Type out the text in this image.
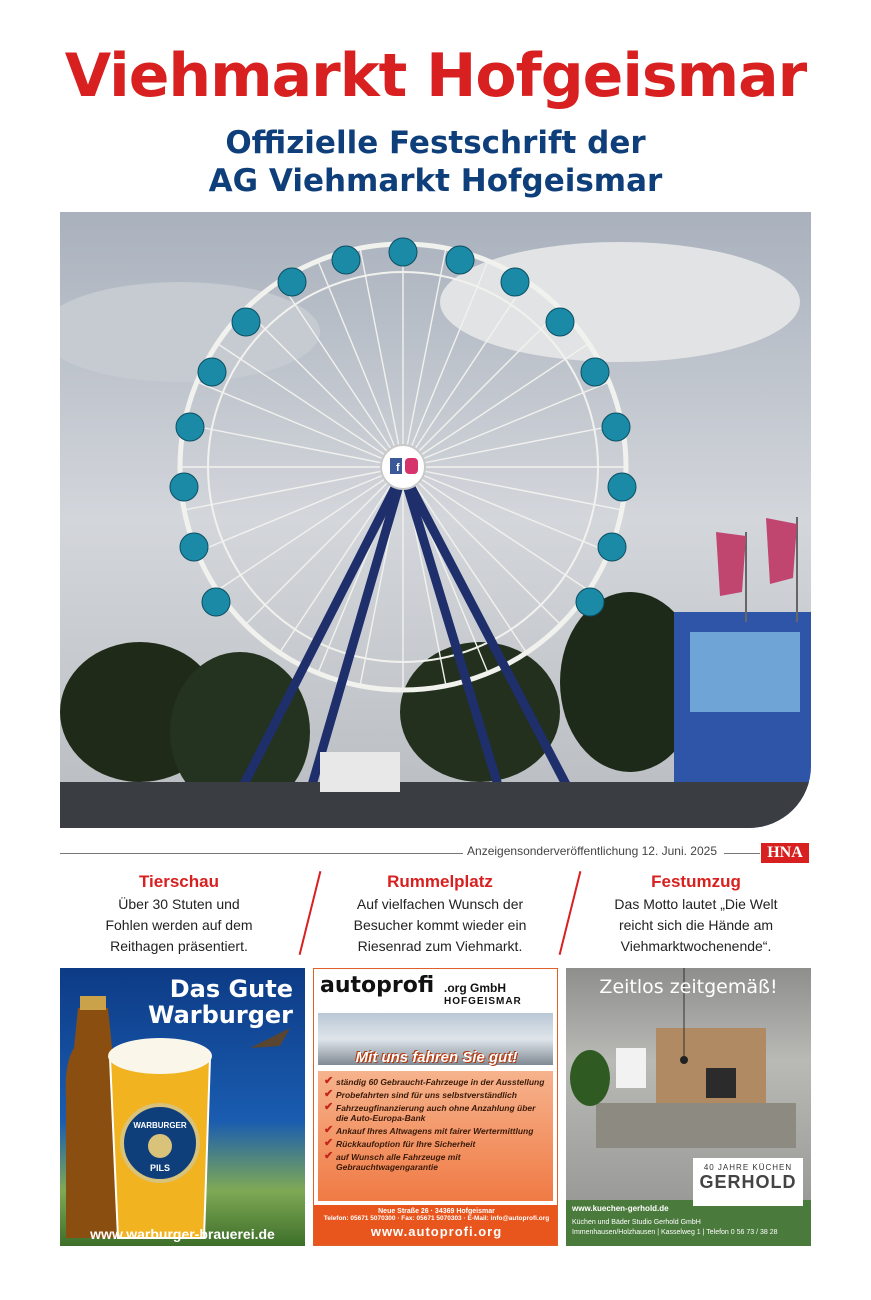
Viehmarkt Hofgeismar
Offizielle Festschrift der
AG Viehmarkt Hofgeismar
f
Anzeigensonderveröffentlichung 12. Juni. 2025	HNA
Tierschau
Über 30 Stuten und
Fohlen werden auf dem
Reithagen präsentiert.
Rummelplatz
Auf vielfachen Wunsch der
Besucher kommt wieder ein
Riesenrad zum Viehmarkt.
Festumzug
Das Motto lautet „Die Welt
reicht sich die Hände am
Viehmarktwochenende“.
WARBURGER
PILS
Das Gute
Warburger
www.warburger-brauerei.de
autoprofi .org GmbH
HOFGEISMAR
Mit uns fahren Sie gut!
✔ ständig 60 Gebraucht-Fahrzeuge in der Ausstellung
✔ Probefahrten sind für uns selbstverständlich
✔ Fahrzeugfinanzierung auch ohne Anzahlung über die Auto-Europa-Bank
✔ Ankauf Ihres Altwagens mit fairer Wertermittlung
✔ Rückkaufoption für Ihre Sicherheit
✔ auf Wunsch alle Fahrzeuge mit Gebrauchtwagengarantie
Neue Straße 26 · 34369 Hofgeismar
Telefon: 05671 5070300 · Fax: 05671 5070303 · E-Mail: info@autoprofi.org
www.autoprofi.org
Zeitlos zeitgemäß!
40 JAHRE KÜCHEN
GERHOLD
www.kuechen-gerhold.de
Küchen und Bäder Studio Gerhold GmbH
Immenhausen/Holzhausen | Kasselweg 1 | Telefon 0 56 73 / 38 28
